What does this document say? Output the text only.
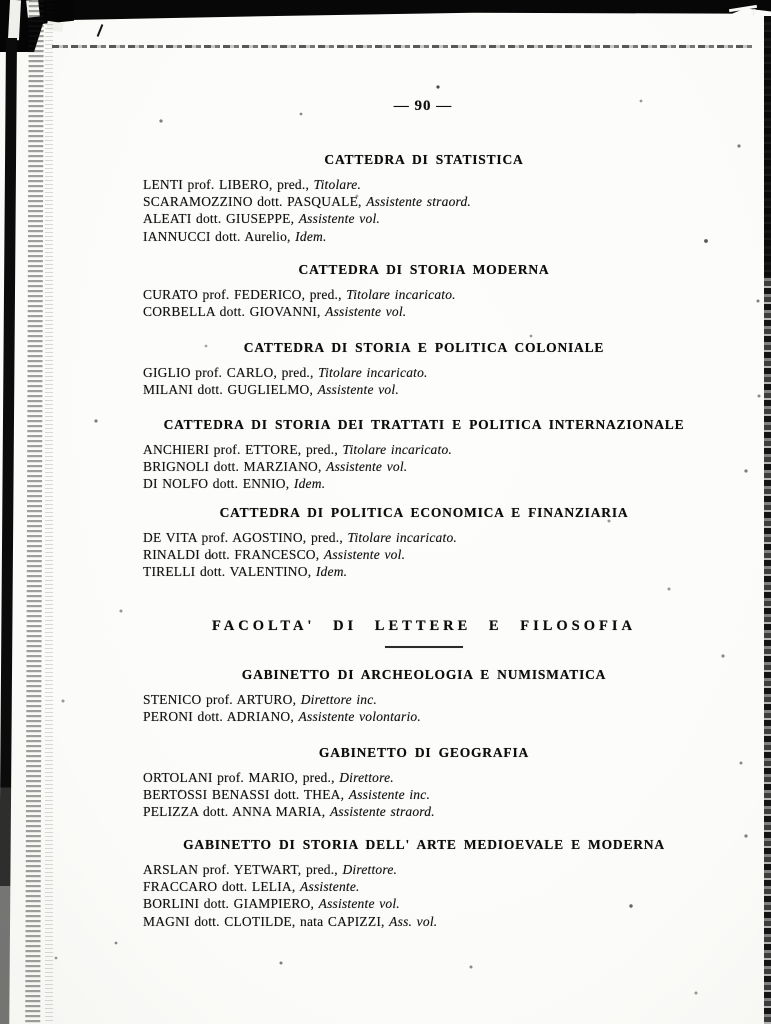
— 90 —
CATTEDRA DI STATISTICA

LENTI prof. LIBERO, pred., Titolare.

SCARAMOZZINO dott. PASQUALE, Assistente straord.

ALEATI dott. GIUSEPPE, Assistente vol.

IANNUCCI dott. Aurelio, Idem.

CATTEDRA DI STORIA MODERNA

CURATO prof. FEDERICO, pred., Titolare incaricato.

CORBELLA dott. GIOVANNI, Assistente vol.

CATTEDRA DI STORIA E POLITICA COLONIALE

GIGLIO prof. CARLO, pred., Titolare incaricato.

MILANI dott. GUGLIELMO, Assistente vol.

CATTEDRA DI STORIA DEI TRATTATI E POLITICA INTERNAZIONALE

ANCHIERI prof. ETTORE, pred., Titolare incaricato.

BRIGNOLI dott. MARZIANO, Assistente vol.

DI NOLFO dott. ENNIO, Idem.

CATTEDRA DI POLITICA ECONOMICA E FINANZIARIA

DE VITA prof. AGOSTINO, pred., Titolare incaricato.

RINALDI dott. FRANCESCO, Assistente vol.

TIRELLI dott. VALENTINO, Idem.

FACOLTA' DI LETTERE E FILOSOFIA
GABINETTO DI ARCHEOLOGIA E NUMISMATICA

STENICO prof. ARTURO, Direttore inc.

PERONI dott. ADRIANO, Assistente volontario.

GABINETTO DI GEOGRAFIA

ORTOLANI prof. MARIO, pred., Direttore.

BERTOSSI BENASSI dott. THEA, Assistente inc.

PELIZZA dott. ANNA MARIA, Assistente straord.

GABINETTO DI STORIA DELL' ARTE MEDIOEVALE E MODERNA

ARSLAN prof. YETWART, pred., Direttore.

FRACCARO dott. LELIA, Assistente.

BORLINI dott. GIAMPIERO, Assistente vol.

MAGNI dott. CLOTILDE, nata CAPIZZI, Ass. vol.
